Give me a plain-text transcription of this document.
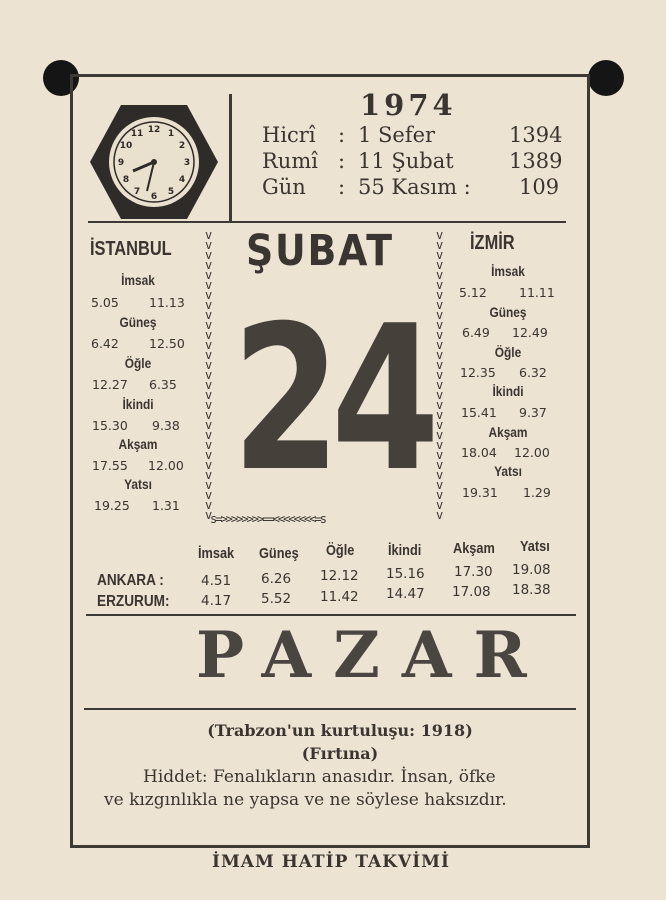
12 1
2
3
4
5
6
7
8
9
10
11
1974
Hicrî : 1 Sefer	1394
Rumî : 11 Şubat	1389
Gün : 55 Kasım : 109
İSTANBUL
İmsak
5.05 11.13
Güneş
6.42 12.50
Öğle
12.27 6.35
İkindi
15.30 9.38
Akşam
17.55 12.00
Yatsı
19.25 1.31
v
v
v
v
v
v
v
v
v
v
v
v
v
v
v
v
v
v
v
v
v
v
v
v
v
v
v
v
v
v
v
v
v
v
v
v
v
v
v
v
v
v
v
v
v
v
v
v
v
v
v
v
v
v
v
v
v
v
s=>>>>>>>>==<<<<<<<<=s
ŞUBAT
24
İZMİR
İmsak
5.12	11.11
Güneş
6.49 12.49
Öğle
12.35 6.32
İkindi
15.41 9.37
Akşam
18.04 12.00
Yatsı
19.31 1.29
İmsak Güneş Öğle İkindi Akşam Yatsı
ANKARA :	4.51 6.26 12.12 15.16 17.30 19.08
ERZURUM: 4.17 5.52 11.42 14.47 17.08 18.38
PAZAR
(Trabzon'un kurtuluşu: 1918)
(Fırtına)
Hiddet: Fenalıkların anasıdır. İnsan, öfke
ve kızgınlıkla ne yapsa ve ne söylese haksızdır.
İMAM HATİP TAKVİMİ
